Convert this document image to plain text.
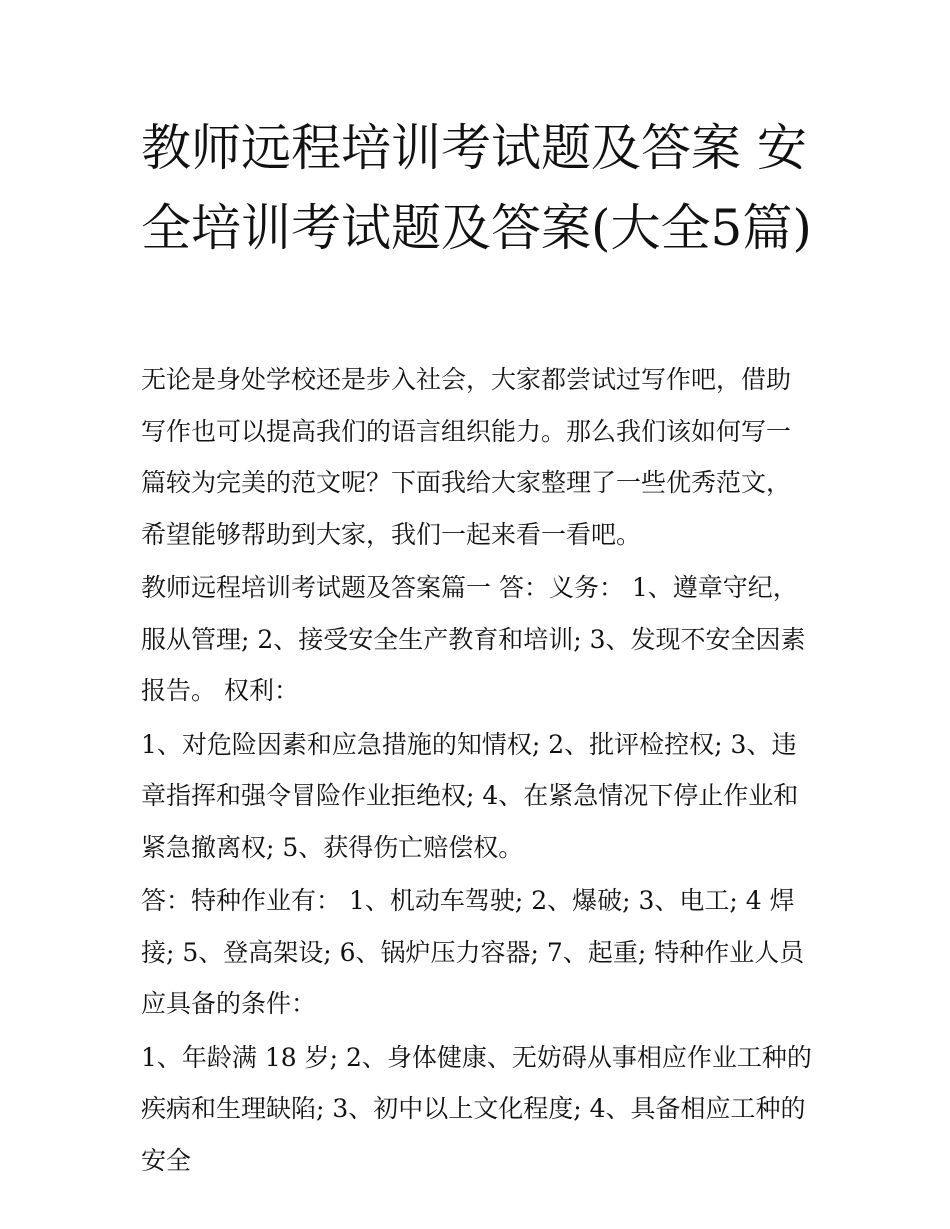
教师远程培训考试题及答案 安全培训考试题及答案(大全5篇)

无论是身处学校还是步入社会，大家都尝试过写作吧，借助写作也可以提高我们的语言组织能力。那么我们该如何写一篇较为完美的范文呢？下面我给大家整理了一些优秀范文，希望能够帮助到大家，我们一起来看一看吧。

教师远程培训考试题及答案篇一 答：义务： 1、遵章守纪，服从管理; 2、接受安全生产教育和培训; 3、发现不安全因素报告。 权利：

1、对危险因素和应急措施的知情权; 2、批评检控权; 3、违章指挥和强令冒险作业拒绝权; 4、在紧急情况下停止作业和紧急撤离权; 5、获得伤亡赔偿权。

答：特种作业有： 1、机动车驾驶; 2、爆破; 3、电工; 4 焊接; 5、登高架设; 6、锅炉压力容器; 7、起重; 特种作业人员应具备的条件：

1、年龄满 18 岁; 2、身体健康、无妨碍从事相应作业工种的疾病和生理缺陷; 3、初中以上文化程度; 4、具备相应工种的安全
